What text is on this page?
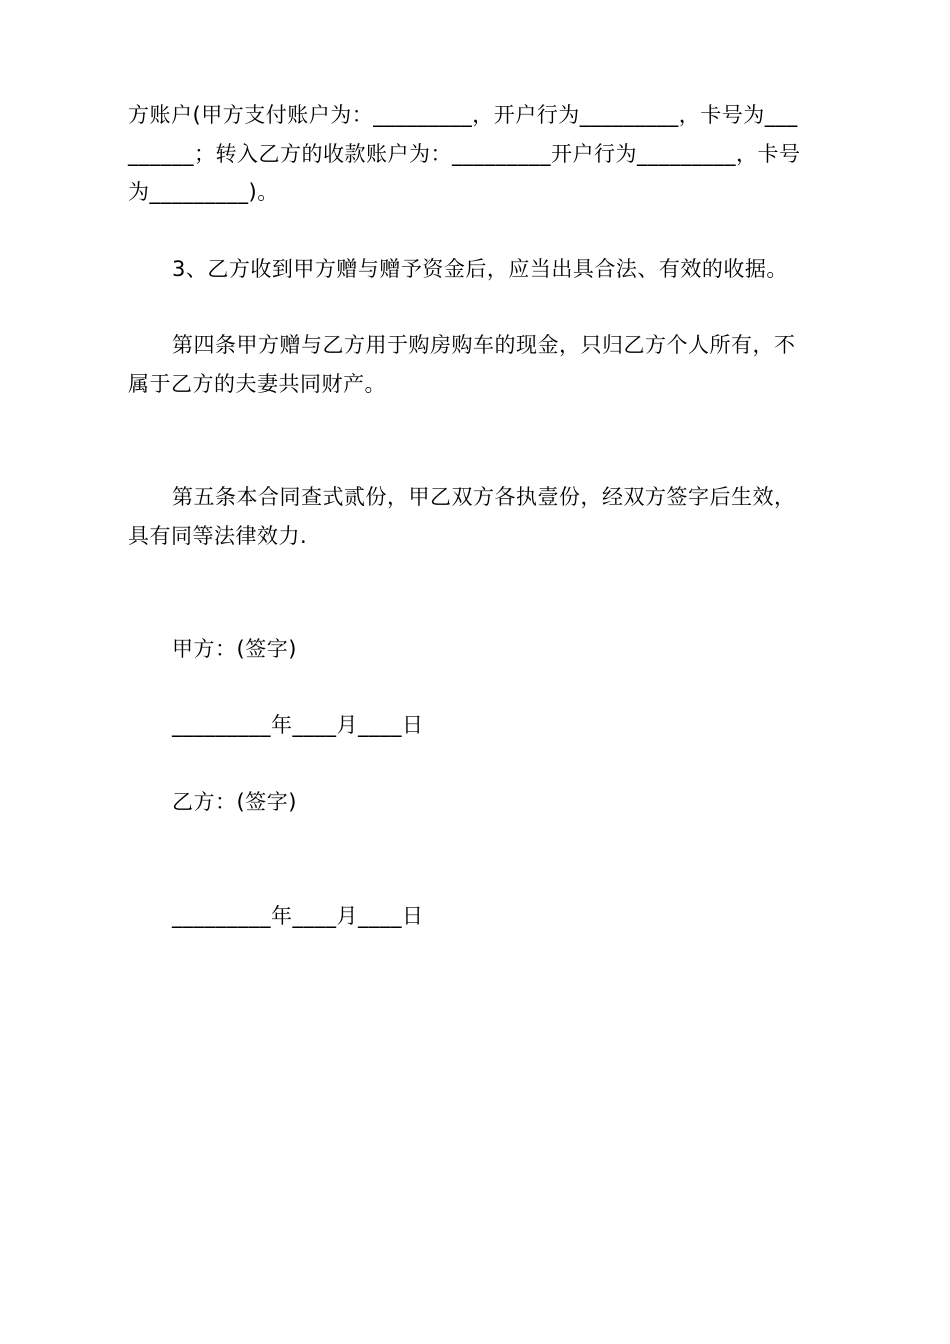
方账户(甲方支付账户为：_________，开户行为_________，卡号为___
______；转入乙方的收款账户为：_________开户行为_________，卡号
为_________)。
3、乙方收到甲方赠与赠予资金后，应当出具合法、有效的收据。
第四条甲方赠与乙方用于购房购车的现金，只归乙方个人所有，不
属于乙方的夫妻共同财产。
第五条本合同查式贰份，甲乙双方各执壹份，经双方签字后生效，
具有同等法律效力.
甲方：(签字)
_________年____月____日
乙方：(签字)
_________年____月____日
